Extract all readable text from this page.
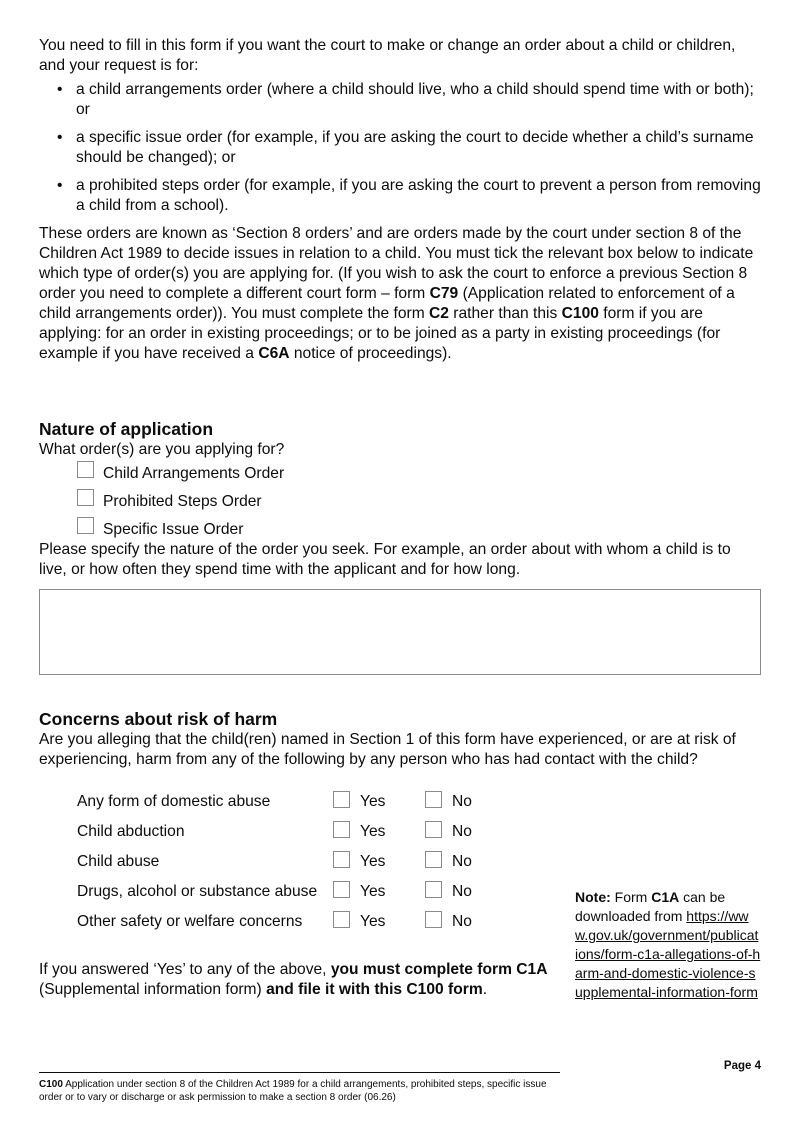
You need to fill in this form if you want the court to make or change an order about a child or children, and your request is for:

• a child arrangements order (where a child should live, who a child should spend time with or both); or
• a specific issue order (for example, if you are asking the court to decide whether a child’s surname should be changed); or
• a prohibited steps order (for example, if you are asking the court to prevent a person from removing a child from a school).

These orders are known as ‘Section 8 orders’ and are orders made by the court under section 8 of the Children Act 1989 to decide issues in relation to a child. You must tick the relevant box below to indicate which type of order(s) you are applying for. (If you wish to ask the court to enforce a previous Section 8 order you need to complete a different court form – form C79 (Application related to enforcement of a child arrangements order)). You must complete the form C2 rather than this C100 form if you are applying: for an order in existing proceedings; or to be joined as a party in existing proceedings (for example if you have received a C6A notice of proceedings).

Nature of application

What order(s) are you applying for?

Child Arrangements Order
Prohibited Steps Order
Specific Issue Order

Please specify the nature of the order you seek. For example, an order about with whom a child is to live, or how often they spend time with the applicant and for how long.

Concerns about risk of harm

Are you alleging that the child(ren) named in Section 1 of this form have experienced, or are at risk of experiencing, harm from any of the following by any person who has had contact with the child?

Any form of domestic abuse	Yes	No
Child abduction	Yes	No
Child abuse	Yes	No
Drugs, alcohol or substance abuse	Yes	No
Other safety or welfare concerns	Yes	No
Note: Form C1A can be downloaded from https://www.gov.uk/government/publications/form-c1a-allegations-of-harm-and-domestic-violence-supplemental-information-form

If you answered ‘Yes’ to any of the above, you must complete form C1A (Supplemental information form) and file it with this C100 form.

Page 4
C100 Application under section 8 of the Children Act 1989 for a child arrangements, prohibited steps, specific issue order or to vary or discharge or ask permission to make a section 8 order (06.26)
